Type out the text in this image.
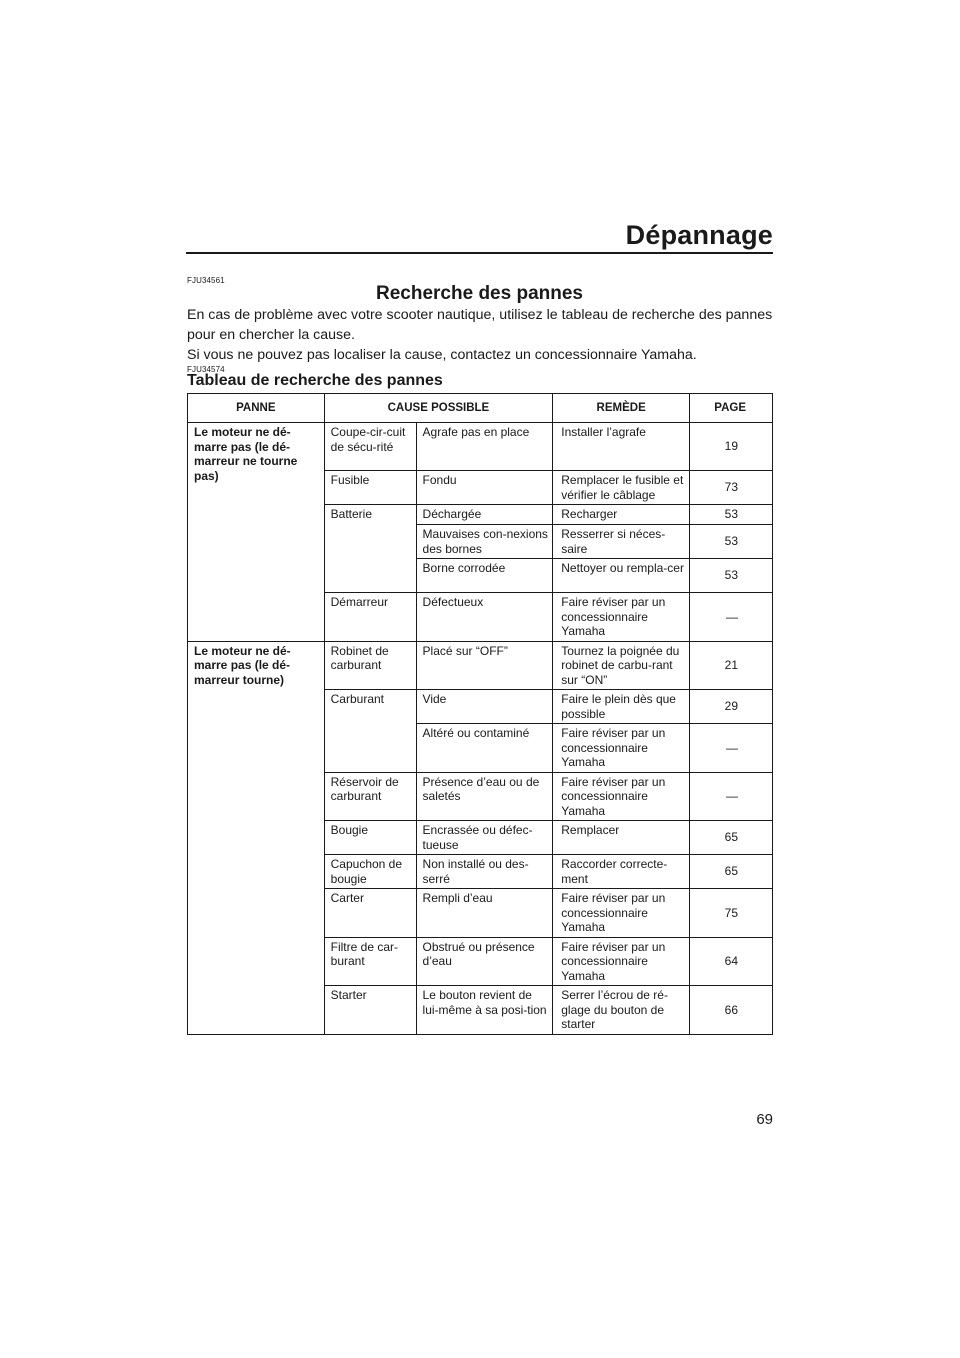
Dépannage
FJU34561
Recherche des pannes
En cas de problème avec votre scooter nautique, utilisez le tableau de recherche des pannes pour en chercher la cause.
Si vous ne pouvez pas localiser la cause, contactez un concessionnaire Yamaha.
FJU34574
Tableau de recherche des pannes
PANNE	CAUSE POSSIBLE		REMÈDE	PAGE
Le moteur ne dé-marre pas (le dé-marreur ne tourne pas)	Coupe-cir-cuit de sécu-rité	Agrafe pas en place	Installer l’agrafe	19
	Fusible	Fondu	Remplacer le fusible et vérifier le câblage	73
	Batterie	Déchargée	Recharger	53
		Mauvaises con-nexions des bornes	Resserrer si néces-saire	53
		Borne corrodée	Nettoyer ou rempla-cer	53
	Démarreur	Défectueux	Faire réviser par un concessionnaire Yamaha	—
Le moteur ne dé-marre pas (le dé-marreur tourne)	Robinet de carburant	Placé sur “OFF”	Tournez la poignée du robinet de carbu-rant sur “ON”	21
	Carburant	Vide	Faire le plein dès que possible	29
		Altéré ou contaminé	Faire réviser par un concessionnaire Yamaha	—
	Réservoir de carburant	Présence d’eau ou de saletés	Faire réviser par un concessionnaire Yamaha	—
	Bougie	Encrassée ou défec-tueuse	Remplacer	65
	Capuchon de bougie	Non installé ou des-serré	Raccorder correcte-ment	65
	Carter	Rempli d’eau	Faire réviser par un concessionnaire Yamaha	75
	Filtre de car-burant	Obstrué ou présence d’eau	Faire réviser par un concessionnaire Yamaha	64
	Starter	Le bouton revient de lui-même à sa posi-tion	Serrer l’écrou de ré-glage du bouton de starter	66
69
